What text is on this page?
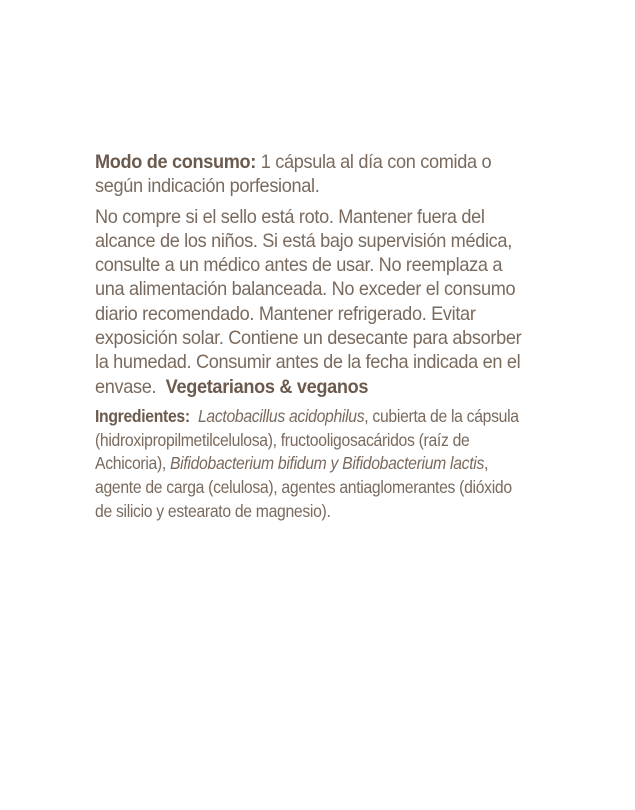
Modo de consumo: 1 cápsula al día con comida o según indicación porfesional.

No compre si el sello está roto. Mantener fuera del alcance de los niños. Si está bajo supervisión médica, consulte a un médico antes de usar. No reemplaza a una alimentación balanceada. No exceder el consumo diario recomendado. Mantener refrigerado. Evitar exposición solar. Contiene un desecante para absorber la humedad. Consumir antes de la fecha indicada en el envase. Vegetarianos & veganos

Ingredientes: Lactobacillus acidophilus, cubierta de la cápsula (hidroxipropilmetilcelulosa), fructooligosacáridos (raíz de Achicoria), Bifidobacterium bifidum y Bifidobacterium lactis, agente de carga (celulosa), agentes antiaglomerantes (dióxido de silicio y estearato de magnesio).
